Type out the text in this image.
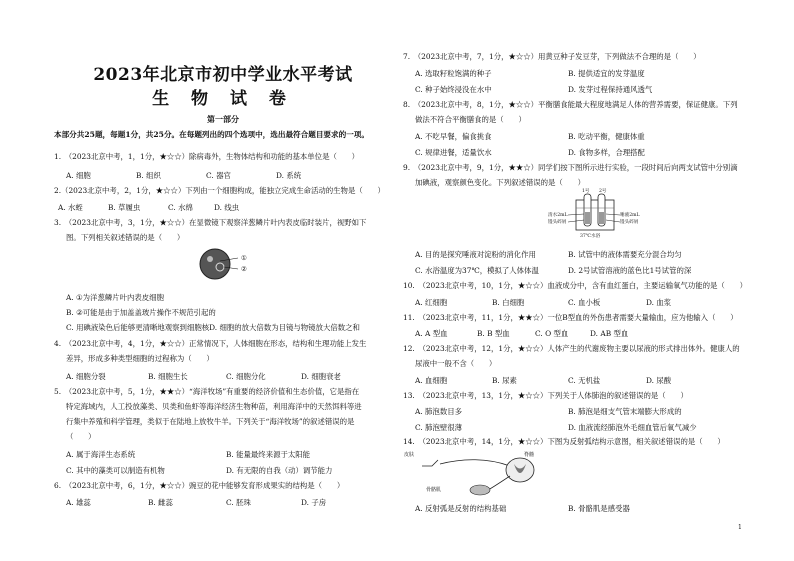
2023年北京市初中学业水平考试
生 物 试 卷
第一部分
本部分共25题，每题1分，共25分。在每题列出的四个选项中，选出最符合题目要求的一项。
1.　（2023北京中考，1，1分，★☆☆）除病毒外，生物体结构和功能的基本单位是（　　）
A. 细胞	B. 组织	C. 器官	D. 系统
2.（2023北京中考，2，1分，★☆☆）下列由一个细胞构成，能独立完成生命活动的生物是（　　）
A. 水蛭	B. 草履虫	C. 水绵	D. 线虫
3.　（2023北京中考，3，1分，★☆☆）在显微镜下观察洋葱鳞片叶内表皮临时装片，视野如下
图。下列相关叙述错误的是（　　）
①
②
A. ①为洋葱鳞片叶内表皮细胞
B. ②可能是由于加盖盖玻片操作不规范引起的
C. 用碘液染色后能够更清晰地观察到细胞核D. 细胞的放大倍数为目镜与物镜放大倍数之和
4.　（2023北京中考，4，1分，★☆☆）正常情况下，人体细胞在形态，结构和生理功能上发生
差异，形成多种类型细胞的过程称为（　　）
A. 细胞分裂	B. 细胞生长	C. 细胞分化	D. 细胞衰老
5.　（2023北京中考，5，1分，★★☆）“海洋牧场”有重要的经济价值和生态价值，它是指在
特定海域内，人工投放藻类、贝类和鱼虾等海洋经济生物种苗，利用海洋中的天然饵料等进
行集中养殖和科学管理，类似于在陆地上放牧牛羊。下列关于“海洋牧场”的叙述错误的是
（　　）
A. 属于海洋生态系统	B. 能量最终来源于太阳能
C. 其中的藻类可以制造有机物	D. 有无限的自我（动）调节能力
6.　（2023北京中考，6，1分，★☆☆）豌豆的花中能够发育形成果实的结构是（　　）
A. 雄蕊	B. 雌蕊	C. 胚珠	D. 子房
7.　（2023北京中考，7，1分，★☆☆）用黄豆种子发豆芽，下列做法不合理的是（　　）
A. 选取籽粒饱满的种子	B. 提供适宜的发芽温度
C. 种子始终浸没在水中	D. 发芽过程保持通风透气
8.　（2023北京中考，8，1分，★☆☆）平衡膳食能最大程度地满足人体的营养需要，保证健康。下列
做法不符合平衡膳食的是（　　）
A. 不吃早餐，偏食挑食	B. 吃动平衡，健康体重
C. 规律进餐，适量饮水	D. 食物多样，合理搭配
9.　（2023北京中考，9，1分，★★☆）同学们按下图所示进行实验，一段时间后向两支试管中分别滴
加碘液，观察颜色变化。下列叙述错误的是（　　）
1号 2号
清水2mL	唾液2mL
馒头碎屑	馒头碎屑
37℃水浴
A. 目的是探究唾液对淀粉的消化作用	B. 试管中的液体需要充分混合均匀
C. 水浴温度为37℃，模拟了人体体温	D. 2号试管溶液的蓝色比1号试管的深
10.　（2023北京中考，10，1分，★☆☆）血液成分中，含有血红蛋白，主要运输氧气功能的是（　　）
A. 红细胞	B. 白细胞	C. 血小板	D. 血浆
11.　（2023北京中考，11，1分，★★☆）一位B型血的外伤患者需要大量输血，应为他输入（　　）
A. A 型血	B. B 型血	C. O 型血	D. AB 型血
12.　（2023北京中考，12，1分，★☆☆）人体产生的代谢废物主要以尿液的形式排出体外。健康人的
尿液中一般不含（　　）
A. 血细胞	B. 尿素	C. 无机盐	D. 尿酸
13.　（2023北京中考，13，1分，★☆☆）下列关于人体肺泡的叙述错误的是（　　）
A. 肺泡数目多	B. 肺泡是细支气管末端膨大形成的
C. 肺泡壁很薄	D. 血液流经肺泡外毛细血管后氧气减少
14.　（2023北京中考，14，1分，★☆☆）下图为反射弧结构示意图，相关叙述错误的是（　　）
皮肤	脊髓
骨骼肌
A. 反射弧是反射的结构基础	B. 骨骼肌是感受器
1
